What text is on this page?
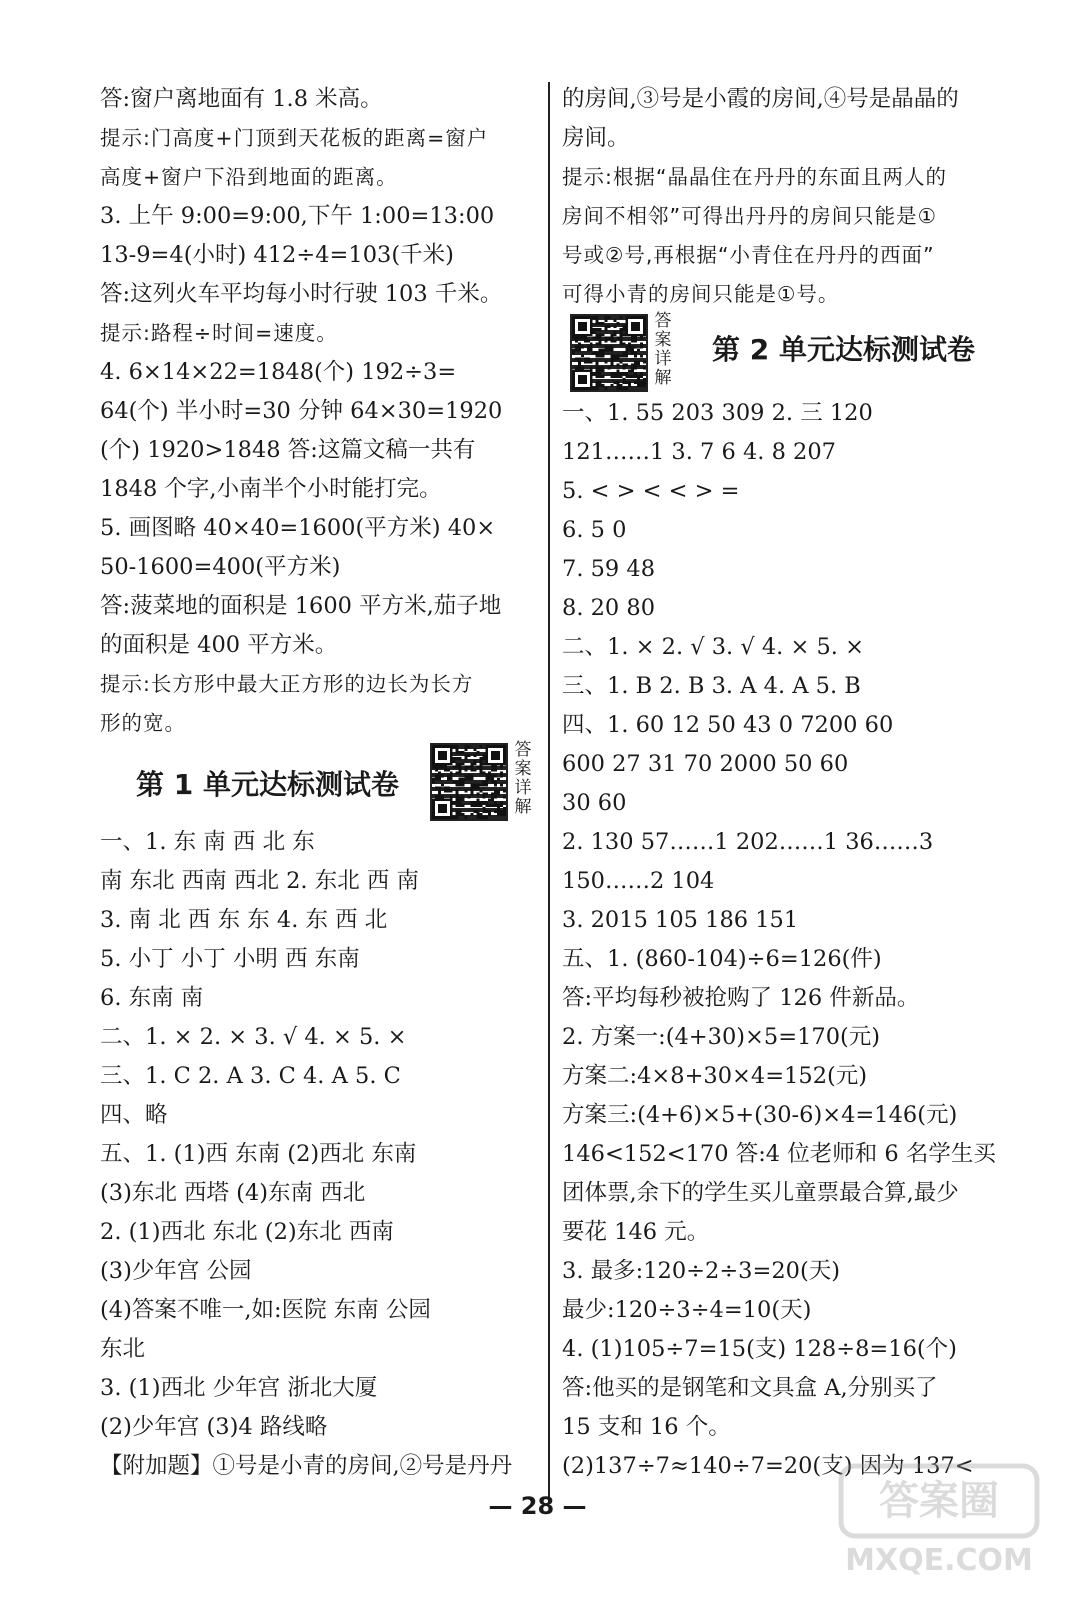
答:窗户离地面有 1.8 米高。
提示:门高度+门顶到天花板的距离=窗户
高度+窗户下沿到地面的距离。
3. 上午 9:00=9:00,下午 1:00=13:00
13-9=4(小时) 412÷4=103(千米)
答:这列火车平均每小时行驶 103 千米。
提示:路程÷时间=速度。
4. 6×14×22=1848(个) 192÷3=
64(个) 半小时=30 分钟 64×30=1920
(个) 1920>1848 答:这篇文稿一共有
1848 个字,小南半个小时能打完。
5. 画图略 40×40=1600(平方米) 40×
50-1600=400(平方米)
答:菠菜地的面积是 1600 平方米,茄子地
的面积是 400 平方米。
提示:长方形中最大正方形的边长为长方
形的宽。
第 1 单元达标测试卷
答案详解
一、1. 东 南 西 北 东
南 东北 西南 西北 2. 东北 西 南
3. 南 北 西 东 东 4. 东 西 北
5. 小丁 小丁 小明 西 东南
6. 东南 南
二、1. × 2. × 3. √ 4. × 5. ×
三、1. C 2. A 3. C 4. A 5. C
四、略
五、1. (1)西 东南 (2)西北 东南
(3)东北 西塔 (4)东南 西北
2. (1)西北 东北 (2)东北 西南
(3)少年宫 公园
(4)答案不唯一,如:医院 东南 公园
东北
3. (1)西北 少年宫 浙北大厦
(2)少年宫 (3)4 路线略
【附加题】①号是小青的房间,②号是丹丹
的房间,③号是小霞的房间,④号是晶晶的
房间。
提示:根据“晶晶住在丹丹的东面且两人的
房间不相邻”可得出丹丹的房间只能是①
号或②号,再根据“小青住在丹丹的西面”
可得小青的房间只能是①号。
第 2 单元达标测试卷
答案详解
一、1. 55 203 309 2. 三 120
121……1 3. 7 6 4. 8 207
5. < > < < > =
6. 5 0
7. 59 48
8. 20 80
二、1. × 2. √ 3. √ 4. × 5. ×
三、1. B 2. B 3. A 4. A 5. B
四、1. 60 12 50 43 0 7200 60
600 27 31 70 2000 50 60
30 60
2. 130 57……1 202……1 36……3
150……2 104
3. 2015 105 186 151
五、1. (860-104)÷6=126(件)
答:平均每秒被抢购了 126 件新品。
2. 方案一:(4+30)×5=170(元)
方案二:4×8+30×4=152(元)
方案三:(4+6)×5+(30-6)×4=146(元)
146<152<170 答:4 位老师和 6 名学生买
团体票,余下的学生买儿童票最合算,最少
要花 146 元。
3. 最多:120÷2÷3=20(天)
最少:120÷3÷4=10(天)
4. (1)105÷7=15(支) 128÷8=16(个)
答:他买的是钢笔和文具盒 A,分别买了
15 支和 16 个。
(2)137÷7≈140÷7=20(支) 因为 137<
— 28 —	答案圈
MXQE.COM
